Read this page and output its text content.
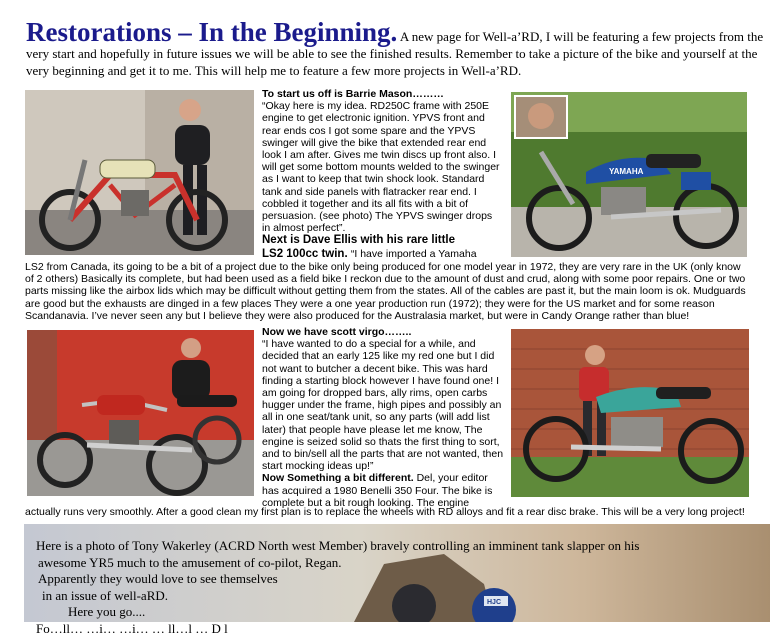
Restorations – In the Beginning. A new page for Well-a’RD, I will be featuring a few projects from the very start and hopefully in future issues we will be able to see the finished results. Remember to take a picture of the bike and yourself at the very beginning and get it to me. This will help me to feature a few more projects in Well-a’RD.
To start us off is Barrie Mason………
“Okay here is my idea. RD250C frame with 250E engine to get electronic ignition. YPVS front and rear ends cos I got some spare and the YPVS swinger will give the bike that extended rear end look I am after. Gives me twin discs up front also. I will get some bottom mounts welded to the swinger as I want to keep that twin shock look. Standard tank and side panels with flatracker rear end. I cobbled it together and its all fits with a bit of persuasion. (see photo) The YPVS swinger drops in almost perfect”.
Next is Dave Ellis with his rare little
LS2 100cc twin. “I have imported a Yamaha
YAMAHA
LS2 from Canada, its going to be a bit of a project due to the bike only being produced for one model year in 1972, they are very rare in the UK (only know of 2 others) Basically its complete, but had been used as a field bike I reckon due to the amount of dust and crud, along with some poor repairs. One or two parts missing like the airbox lids which may be difficult without getting them from the states. All of the cables are past it, but the main loom is ok. Mudguards are good but the exhausts are dinged in a few places They were a one year production run (1972); they were for the US market and for some reason Scandanavia. I’ve never seen any but I believe they were also produced for the Australasia market, but were in Candy Orange rather than blue!
Now we have scott virgo……..
“I have wanted to do a special for a while, and decided that an early 125 like my red one but I did not want to butcher a decent bike. This was hard finding a starting block however I have found one! I am going for dropped bars, ally rims, open carbs hugger under the frame, high pipes and possibly an all in one seat/tank unit, so any parts (will add list later) that people have please let me know, The engine is seized solid so thats the first thing to sort, and to bin/sell all the parts that are not wanted, then start mocking ideas up!”
Now Something a bit different. Del, your editor has acquired a 1980 Benelli 350 Four. The bike is complete but a bit rough looking. The engine
actually runs very smoothly. After a good clean my first plan is to replace the wheels with RD alloys and fit a rear disc brake. This will be a very long project!
HJC
Here is a photo of Tony Wakerley (ACRD North west Member) bravely controlling an imminent tank slapper on his
awesome YR5 much to the amusement of co-pilot, Regan.
Apparently they would love to see themselves
in an issue of well-aRD.
Here you go....
Fo…ll… …i… …i… … ll…l … D l
